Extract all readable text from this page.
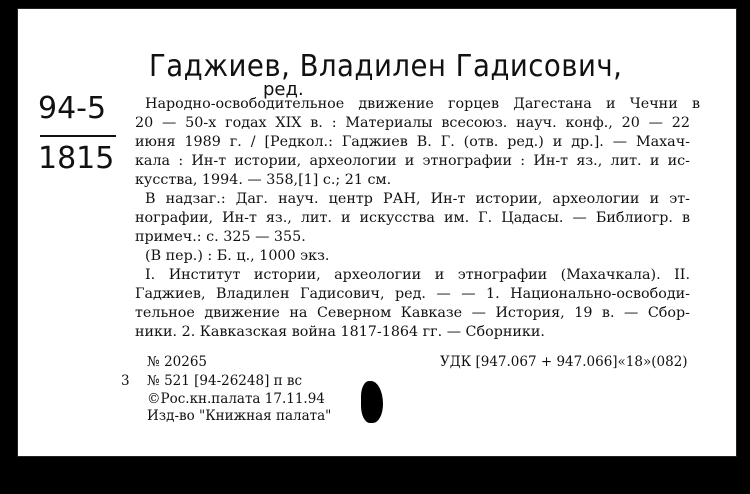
Гаджиев, Владилен Гадисович,
ред.
94-5
1815
Народно-освободительное движение горцев Дагестана и Чечни в
20 — 50-х годах XIX в. : Материалы всесоюз. науч. конф., 20 — 22
июня 1989 г. / [Редкол.: Гаджиев В. Г. (отв. ред.) и др.]. — Махач-
кала : Ин-т истории, археологии и этнографии : Ин-т яз., лит. и ис-
кусства, 1994. — 358,[1] с.; 21 см.
В надзаг.: Даг. науч. центр РАН, Ин-т истории, археологии и эт-
нографии, Ин-т яз., лит. и искусства им. Г. Цадасы. — Библиогр. в
примеч.: с. 325 — 355.
(В пер.) : Б. ц., 1000 экз.
I. Институт истории, археологии и этнографии (Махачкала). II.
Гаджиев, Владилен Гадисович, ред. — — 1. Национально-освободи-
тельное движение на Северном Кавказе — История, 19 в. — Сбор-
ники. 2. Кавказская война 1817-1864 гг. — Сборники.
№ 20265	УДК [947.067 + 947.066]«18»(082)
3 № 521 [94-26248] п вс
©Рос.кн.палата 17.11.94
Изд-во "Книжная палата"
